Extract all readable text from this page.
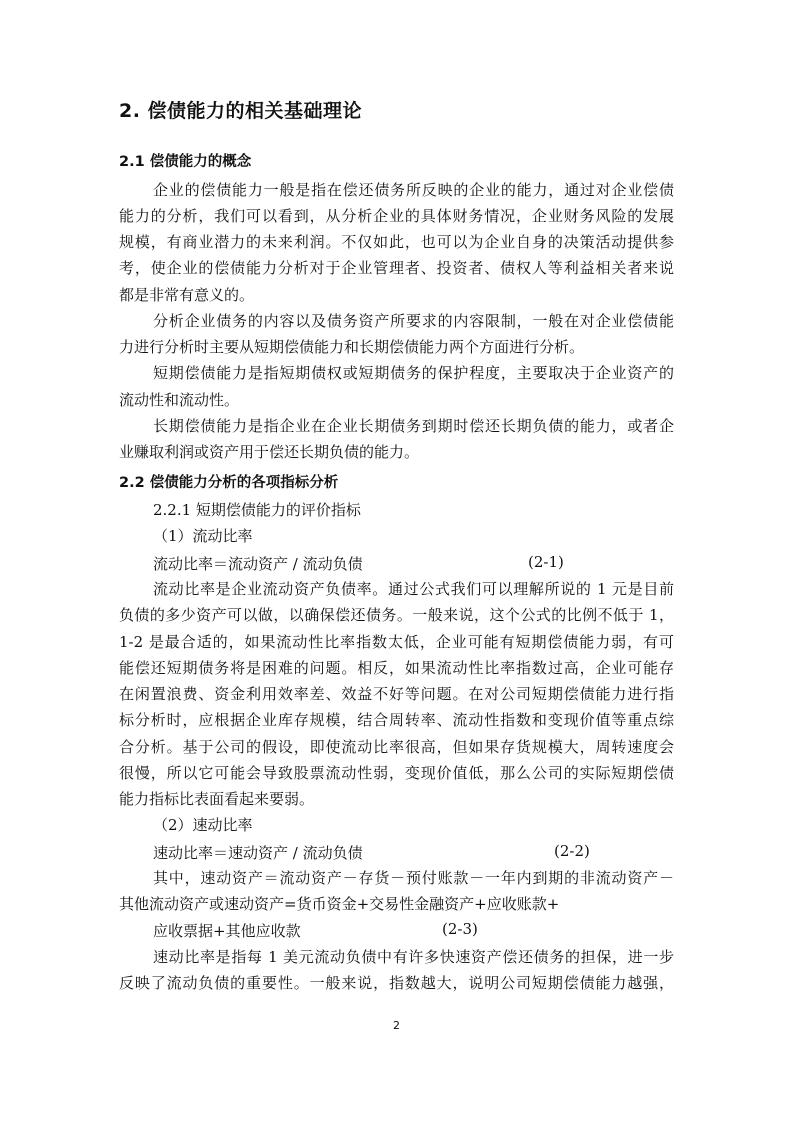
2. 偿债能力的相关基础理论
2.1 偿债能力的概念
企业的偿债能力一般是指在偿还债务所反映的企业的能力，通过对企业偿债
能力的分析，我们可以看到，从分析企业的具体财务情况，企业财务风险的发展
规模，有商业潜力的未来利润。不仅如此，也可以为企业自身的决策活动提供参
考，使企业的偿债能力分析对于企业管理者、投资者、债权人等利益相关者来说
都是非常有意义的。
分析企业债务的内容以及债务资产所要求的内容限制，一般在对企业偿债能
力进行分析时主要从短期偿债能力和长期偿债能力两个方面进行分析。
短期偿债能力是指短期债权或短期债务的保护程度，主要取决于企业资产的
流动性和流动性。
长期偿债能力是指企业在企业长期债务到期时偿还长期负债的能力，或者企
业赚取利润或资产用于偿还长期负债的能力。
2.2 偿债能力分析的各项指标分析
2.2.1 短期偿债能力的评价指标
（1）流动比率
流动比率＝流动资产 / 流动负债	(2-1)
流动比率是企业流动资产负债率。通过公式我们可以理解所说的 1 元是目前
负债的多少资产可以做，以确保偿还债务。一般来说，这个公式的比例不低于 1，
1-2 是最合适的，如果流动性比率指数太低，企业可能有短期偿债能力弱，有可
能偿还短期债务将是困难的问题。相反，如果流动性比率指数过高，企业可能存
在闲置浪费、资金利用效率差、效益不好等问题。在对公司短期偿债能力进行指
标分析时，应根据企业库存规模，结合周转率、流动性指数和变现价值等重点综
合分析。基于公司的假设，即使流动比率很高，但如果存货规模大，周转速度会
很慢，所以它可能会导致股票流动性弱，变现价值低，那么公司的实际短期偿债
能力指标比表面看起来要弱。
（2）速动比率
速动比率＝速动资产 / 流动负债	(2-2)
其中，速动资产＝流动资产－存货－预付账款－一年内到期的非流动资产－
其他流动资产或速动资产=货币资金+交易性金融资产+应收账款+
应收票据+其他应收款	(2-3)
速动比率是指每 1 美元流动负债中有许多快速资产偿还债务的担保，进一步
反映了流动负债的重要性。一般来说，指数越大，说明公司短期偿债能力越强，
2
